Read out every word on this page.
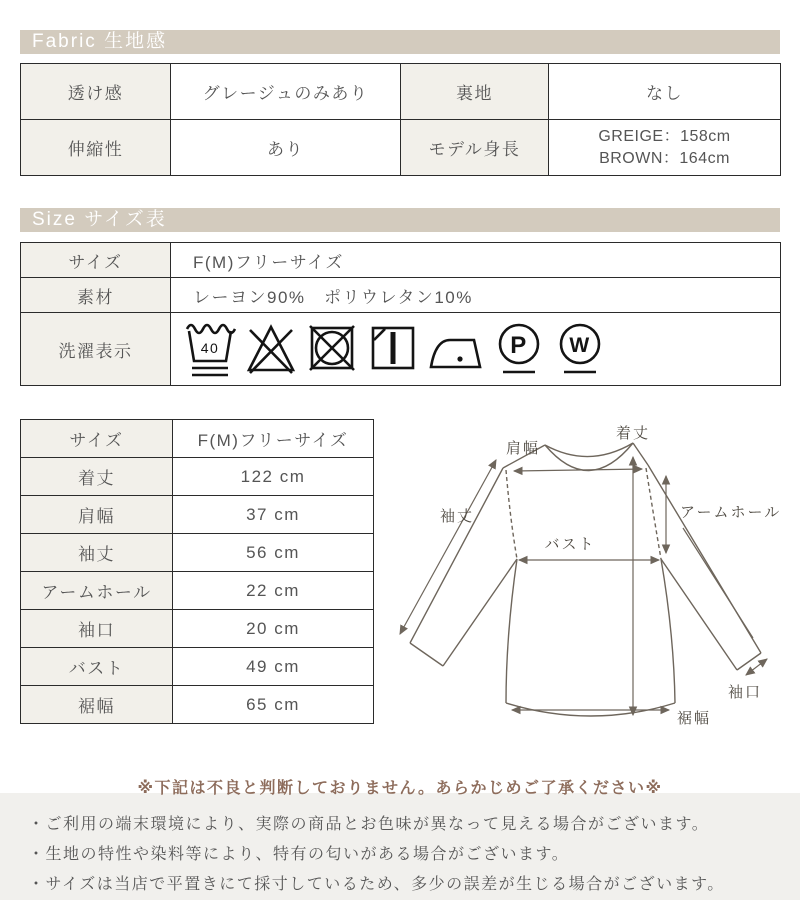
Fabric 生地感
透け感	グレージュのみあり	裏地	なし
伸縮性	あり	モデル身長	GREIGE：158cm
BROWN：164cm
Size サイズ表
サイズ	F(M)フリーサイズ
素材	レーヨン90%　ポリウレタン10%
洗濯表示	40 P W
サイズ	F(M)フリーサイズ
着丈	122 cm
肩幅	37 cm
袖丈	56 cm
アームホール	22 cm
袖口	20 cm
バスト	49 cm
裾幅	65 cm
肩幅
着丈
袖丈	アームホール
バスト
袖口
裾幅
※下記は不良と判断しておりません。あらかじめご了承ください※
・ご利用の端末環境により、実際の商品とお色味が異なって見える場合がございます。
・生地の特性や染料等により、特有の匂いがある場合がございます。
・サイズは当店で平置きにて採寸しているため、多少の誤差が生じる場合がございます。
